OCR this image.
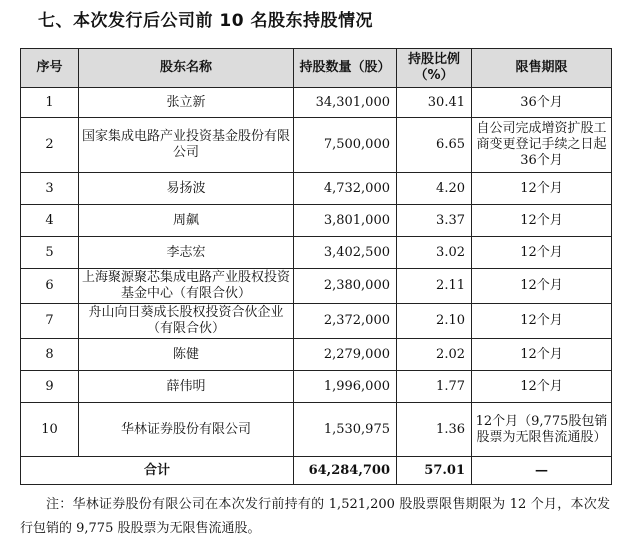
七、本次发行后公司前 10 名股东持股情况
序号	股东名称	持股数量（股）	持股比例（%）	限售期限
1	张立新	34,301,000	30.41	36个月
2	国家集成电路产业投资基金股份有限公司	7,500,000	6.65	自公司完成增资扩股工商变更登记手续之日起36个月
3	易扬波	4,732,000	4.20	12个月
4	周飙	3,801,000	3.37	12个月
5	李志宏	3,402,500	3.02	12个月
6	上海聚源聚芯集成电路产业股权投资基金中心（有限合伙）	2,380,000	2.11	12个月
7	舟山向日葵成长股权投资合伙企业（有限合伙）	2,372,000	2.10	12个月
8	陈健	2,279,000	2.02	12个月
9	薛伟明	1,996,000	1.77	12个月
10	华林证券股份有限公司	1,530,975	1.36	12个月（9,775股包销股票为无限售流通股）
合计		64,284,700	57.01	—
注：华林证券股份有限公司在本次发行前持有的 1,521,200 股股票限售期限为 12 个月，本次发行包销的 9,775 股股票为无限售流通股。
